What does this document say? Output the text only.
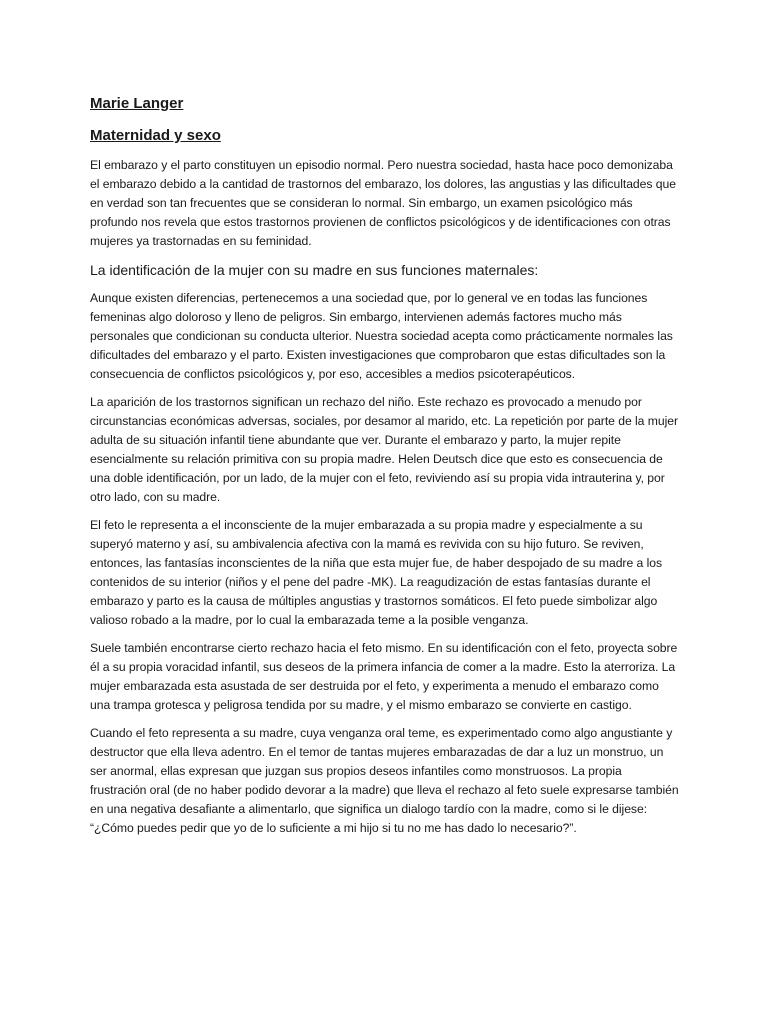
Marie Langer
Maternidad y sexo

El embarazo y el parto constituyen un episodio normal. Pero nuestra sociedad, hasta hace poco demonizaba el embarazo debido a la cantidad de trastornos del embarazo, los dolores, las angustias y las dificultades que en verdad son tan frecuentes que se consideran lo normal. Sin embargo, un examen psicológico más profundo nos revela que estos trastornos provienen de conflictos psicológicos y de identificaciones con otras mujeres ya trastornadas en su feminidad.

La identificación de la mujer con su madre en sus funciones maternales:

Aunque existen diferencias, pertenecemos a una sociedad que, por lo general ve en todas las funciones femeninas algo doloroso y lleno de peligros. Sin embargo, intervienen además factores mucho más personales que condicionan su conducta ulterior. Nuestra sociedad acepta como prácticamente normales las dificultades del embarazo y el parto. Existen investigaciones que comprobaron que estas dificultades son la consecuencia de conflictos psicológicos y, por eso, accesibles a medios psicoterapéuticos.

La aparición de los trastornos significan un rechazo del niño. Este rechazo es provocado a menudo por circunstancias económicas adversas, sociales, por desamor al marido, etc. La repetición por parte de la mujer adulta de su situación infantil tiene abundante que ver. Durante el embarazo y parto, la mujer repite esencialmente su relación primitiva con su propia madre. Helen Deutsch dice que esto es consecuencia de una doble identificación, por un lado, de la mujer con el feto, reviviendo así su propia vida intrauterina y, por otro lado, con su madre.

El feto le representa a el inconsciente de la mujer embarazada a su propia madre y especialmente a su superyó materno y así, su ambivalencia afectiva con la mamá es revivida con su hijo futuro. Se reviven, entonces, las fantasías inconscientes de la niña que esta mujer fue, de haber despojado de su madre a los contenidos de su interior (niños y el pene del padre -MK). La reagudización de estas fantasías durante el embarazo y parto es la causa de múltiples angustias y trastornos somáticos. El feto puede simbolizar algo valioso robado a la madre, por lo cual la embarazada teme a la posible venganza.

Suele también encontrarse cierto rechazo hacia el feto mismo. En su identificación con el feto, proyecta sobre él a su propia voracidad infantil, sus deseos de la primera infancia de comer a la madre. Esto la aterroriza. La mujer embarazada esta asustada de ser destruida por el feto, y experimenta a menudo el embarazo como una trampa grotesca y peligrosa tendida por su madre, y el mismo embarazo se convierte en castigo.

Cuando el feto representa a su madre, cuya venganza oral teme, es experimentado como algo angustiante y destructor que ella lleva adentro. En el temor de tantas mujeres embarazadas de dar a luz un monstruo, un ser anormal, ellas expresan que juzgan sus propios deseos infantiles como monstruosos. La propia frustración oral (de no haber podido devorar a la madre) que lleva el rechazo al feto suele expresarse también en una negativa desafiante a alimentarlo, que significa un dialogo tardío con la madre, como si le dijese: “¿Cómo puedes pedir que yo de lo suficiente a mi hijo si tu no me has dado lo necesario?”.
